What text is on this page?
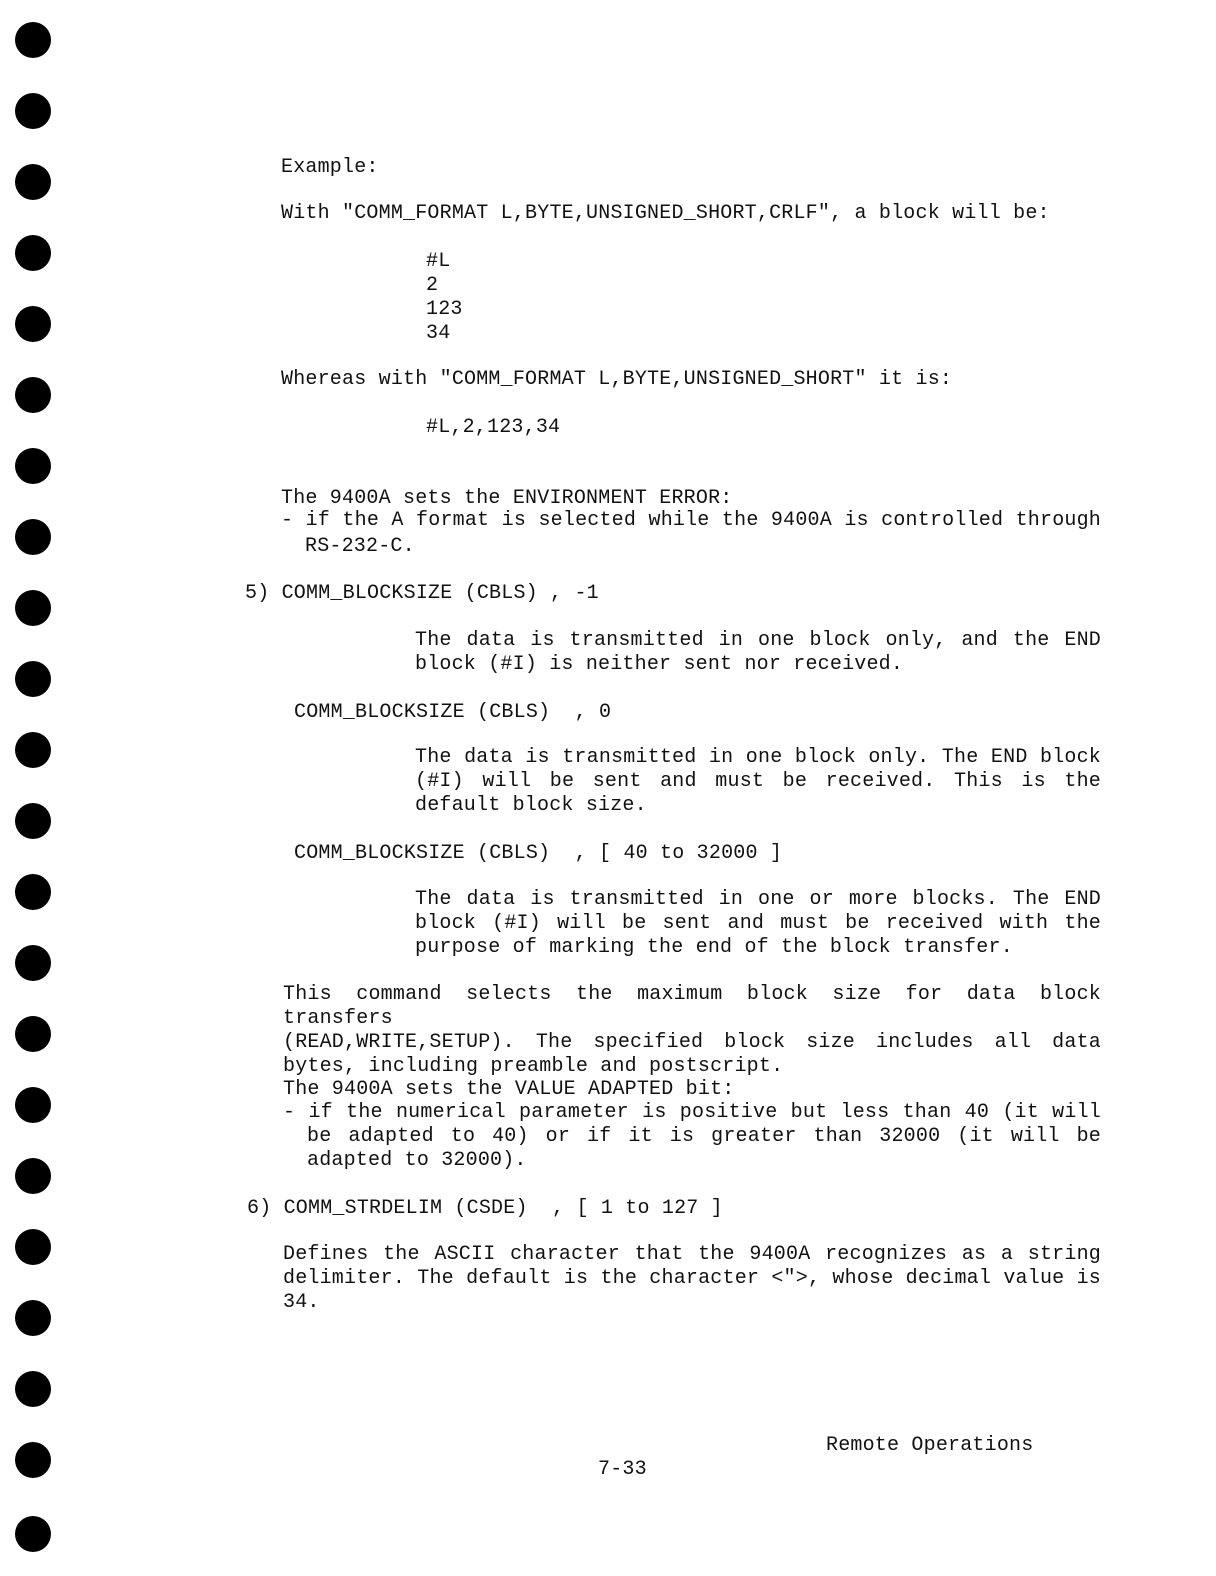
Example:
With "COMM_FORMAT L,BYTE,UNSIGNED_SHORT,CRLF", a block will be:
#L
2
123
34
Whereas with "COMM_FORMAT L,BYTE,UNSIGNED_SHORT" it is:
#L,2,123,34
The 9400A sets the ENVIRONMENT ERROR:
- if the A format is selected while the 9400A is controlled through
RS-232-C.
5) COMM_BLOCKSIZE (CBLS) , -1
The data is transmitted in one block only, and the END
block (#I) is neither sent nor received.
COMM_BLOCKSIZE (CBLS)  , 0
The data is transmitted in one block only. The END block
(#I) will be sent and must be received. This is the
default block size.
COMM_BLOCKSIZE (CBLS)  , [ 40 to 32000 ]
The data is transmitted in one or more blocks. The END
block (#I) will be sent and must be received with the
purpose of marking the end of the block transfer.
This command selects the maximum block size for data block transfers
(READ,WRITE,SETUP). The specified block size includes all data
bytes, including preamble and postscript.
The 9400A sets the VALUE ADAPTED bit:
- if the numerical parameter is positive but less than 40 (it will
be adapted to 40) or if it is greater than 32000 (it will be
adapted to 32000).
6) COMM_STRDELIM (CSDE)  , [ 1 to 127 ]
Defines the ASCII character that the 9400A recognizes as a string
delimiter. The default is the character <">, whose decimal value is
34.
Remote Operations
7-33
